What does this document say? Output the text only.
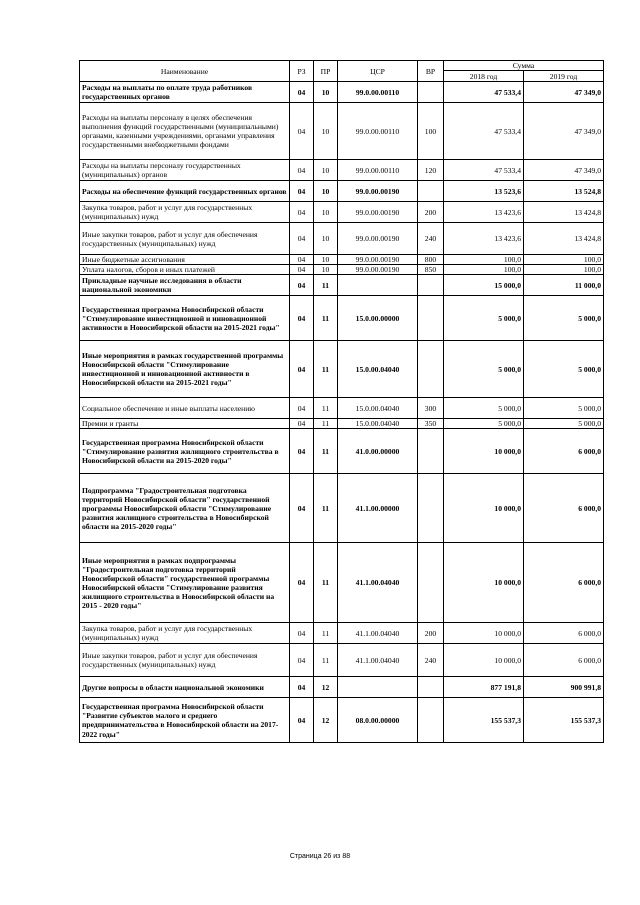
Наименование	РЗ	ПР	ЦСР	ВР	Сумма	
					2018 год	2019 год
Расходы на выплаты по оплате труда работников государственных органов	04	10	99.0.00.00110		47 533,4	47 349,0
Расходы на выплаты персоналу в целях обеспечения выполнения функций государственными (муниципальными) органами, казенными учреждениями, органами управления государственными внебюджетными фондами	04	10	99.0.00.00110	100	47 533,4	47 349,0
Расходы на выплаты персоналу государственных (муниципальных) органов	04	10	99.0.00.00110	120	47 533,4	47 349,0
Расходы на обеспечение функций государственных органов	04	10	99.0.00.00190		13 523,6	13 524,8
Закупка товаров, работ и услуг для государственных (муниципальных) нужд	04	10	99.0.00.00190	200	13 423,6	13 424,8
Иные закупки товаров, работ и услуг для обеспечения государственных (муниципальных) нужд	04	10	99.0.00.00190	240	13 423,6	13 424,8
Иные бюджетные ассигнования	04	10	99.0.00.00190	800	100,0	100,0
Уплата налогов, сборов и иных платежей	04	10	99.0.00.00190	850	100,0	100,0
Прикладные научные исследования в области национальной экономики	04	11			15 000,0	11 000,0
Государственная программа Новосибирской области "Стимулирование инвестиционной и инновационной активности в Новосибирской области на 2015-2021 годы"	04	11	15.0.00.00000		5 000,0	5 000,0
Иные мероприятия в рамках государственной программы Новосибирской области "Стимулирование инвестиционной и инновационной активности в Новосибирской области на 2015-2021 годы"	04	11	15.0.00.04040		5 000,0	5 000,0
Социальное обеспечение и иные выплаты населению	04	11	15.0.00.04040	300	5 000,0	5 000,0
Премии и гранты	04	11	15.0.00.04040	350	5 000,0	5 000,0
Государственная программа Новосибирской области "Стимулирование развития жилищного строительства в Новосибирской области на 2015-2020 годы"	04	11	41.0.00.00000		10 000,0	6 000,0
Подпрограмма "Градостроительная подготовка территорий Новосибирской области" государственной программы Новосибирской области "Стимулирование развития жилищного строительства в Новосибирской области на 2015-2020 годы"	04	11	41.1.00.00000		10 000,0	6 000,0
Иные мероприятия в рамках подпрограммы "Градостроительная подготовка территорий Новосибирской области" государственной программы Новосибирской области "Стимулирование развития жилищного строительства в Новосибирской области на 2015 - 2020 годы"	04	11	41.1.00.04040		10 000,0	6 000,0
Закупка товаров, работ и услуг для государственных (муниципальных) нужд	04	11	41.1.00.04040	200	10 000,0	6 000,0
Иные закупки товаров, работ и услуг для обеспечения государственных (муниципальных) нужд	04	11	41.1.00.04040	240	10 000,0	6 000,0
Другие вопросы в области национальной экономики	04	12			877 191,8	900 991,8
Государственная программа Новосибирской области "Развитие субъектов малого и среднего предпринимательства в Новосибирской области на 2017-2022 годы"	04	12	08.0.00.00000		155 537,3	155 537,3
Страница 26 из 88
